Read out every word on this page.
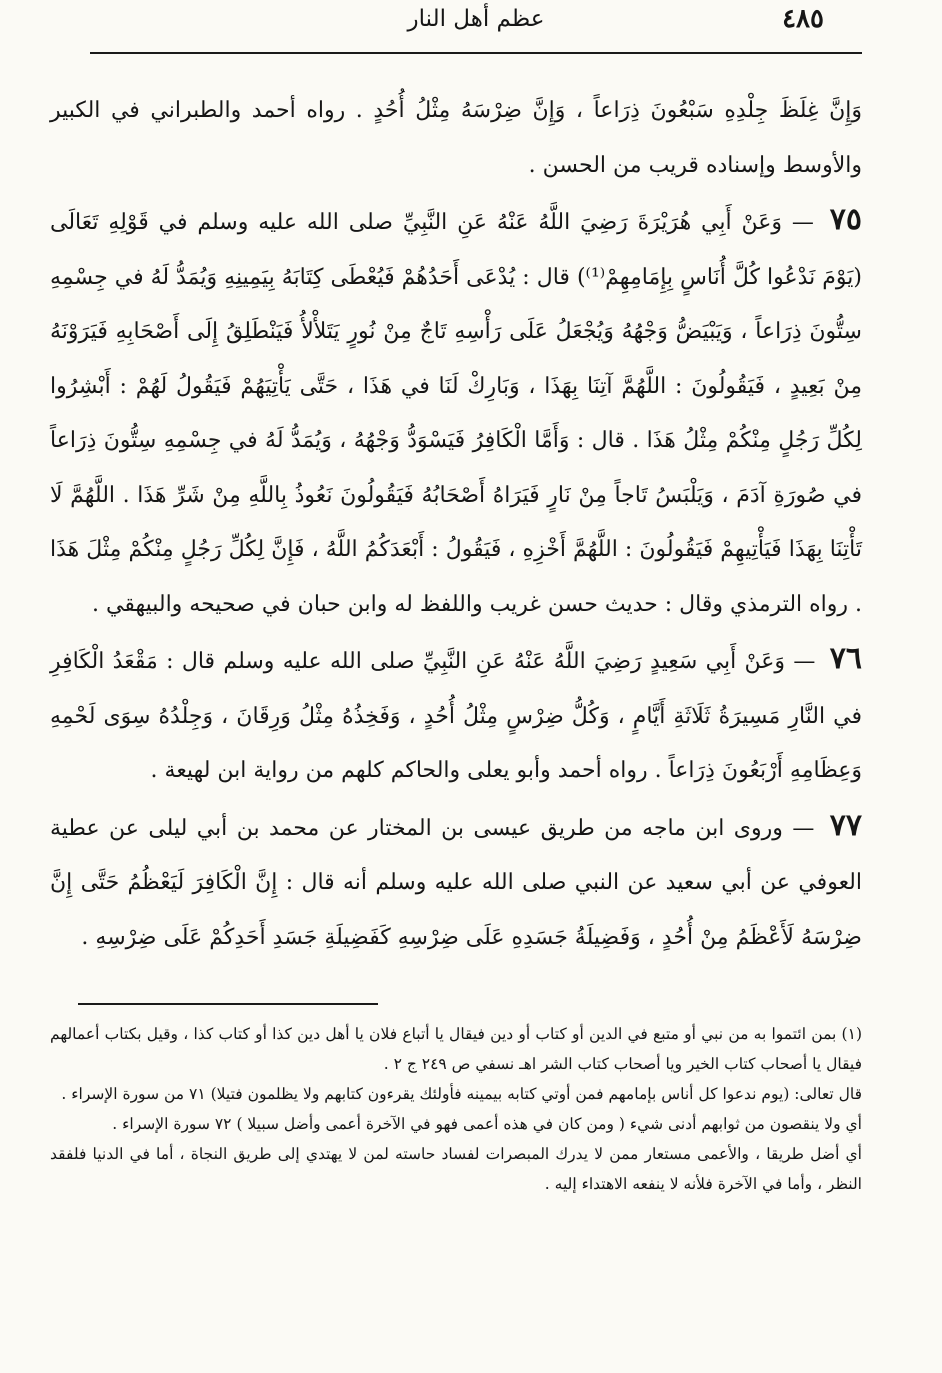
٤٨٥
عظم أهل النار

وَإِنَّ غِلَظَ جِلْدِهِ سَبْعُونَ ذِرَاعاً ، وَإِنَّ ضِرْسَهُ مِثْلُ أُحُدٍ . رواه أحمد والطبراني في الكبير والأوسط وإسناده قريب من الحسن .

٧٥ — وَعَنْ أَبِي هُرَيْرَةَ رَضِيَ اللَّهُ عَنْهُ عَنِ النَّبِيِّ صلى الله عليه وسلم في قَوْلِهِ تَعَالَى (يَوْمَ نَدْعُوا كُلَّ أُنَاسٍ بِإِمَامِهِمْ⁽¹⁾) قال : يُدْعَى أَحَدُهُمْ فَيُعْطَى كِتَابَهُ بِيَمِينِهِ وَيُمَدُّ لَهُ في جِسْمِهِ سِتُّونَ ذِرَاعاً ، وَيَبْيَضُّ وَجْهُهُ وَيُجْعَلُ عَلَى رَأْسِهِ تَاجٌ مِنْ نُورٍ يَتَلأْلأُ فَيَنْطَلِقُ إِلَى أَصْحَابِهِ فَيَرَوْنَهُ مِنْ بَعِيدٍ ، فَيَقُولُونَ : اللَّهُمَّ آتِنَا بِهَذَا ، وَبَارِكْ لَنَا في هَذَا ، حَتَّى يَأْتِيَهُمْ فَيَقُولُ لَهُمْ : أَبْشِرُوا لِكُلِّ رَجُلٍ مِنْكُمْ مِثْلُ هَذَا . قال : وَأَمَّا الْكَافِرُ فَيَسْوَدُّ وَجْهُهُ ، وَيُمَدُّ لَهُ في جِسْمِهِ سِتُّونَ ذِرَاعاً في صُورَةِ آدَمَ ، وَيَلْبَسُ تَاجاً مِنْ نَارٍ فَيَرَاهُ أَصْحَابُهُ فَيَقُولُونَ نَعُوذُ بِاللَّهِ مِنْ شَرِّ هَذَا . اللَّهُمَّ لَا تَأْتِنَا بِهَذَا فَيَأْتِيهِمْ فَيَقُولُونَ : اللَّهُمَّ أَخْزِهِ ، فَيَقُولُ : أَبْعَدَكُمُ اللَّهُ ، فَإِنَّ لِكُلِّ رَجُلٍ مِنْكُمْ مِثْلَ هَذَا . رواه الترمذي وقال : حديث حسن غريب واللفظ له وابن حبان في صحيحه والبيهقي .

٧٦ — وَعَنْ أَبِي سَعِيدٍ رَضِيَ اللَّهُ عَنْهُ عَنِ النَّبِيِّ صلى الله عليه وسلم قال : مَقْعَدُ الْكَافِرِ في النَّارِ مَسِيرَةُ ثَلَاثَةِ أَيَّامٍ ، وَكُلُّ ضِرْسٍ مِثْلُ أُحُدٍ ، وَفَخِذُهُ مِثْلُ وَرِقَانَ ، وَجِلْدُهُ سِوَى لَحْمِهِ وَعِظَامِهِ أَرْبَعُونَ ذِرَاعاً . رواه أحمد وأبو يعلى والحاكم كلهم من رواية ابن لهيعة .

٧٧ — وروى ابن ماجه من طريق عيسى بن المختار عن محمد بن أبي ليلى عن عطية العوفي عن أبي سعيد عن النبي صلى الله عليه وسلم أنه قال : إِنَّ الْكَافِرَ لَيَعْظُمُ حَتَّى إِنَّ ضِرْسَهُ لَأَعْظَمُ مِنْ أُحُدٍ ، وَفَضِيلَةُ جَسَدِهِ عَلَى ضِرْسِهِ كَفَضِيلَةِ جَسَدِ أَحَدِكُمْ عَلَى ضِرْسِهِ .

(١) بمن ائتموا به من نبي أو متبع في الدين أو كتاب أو دين فيقال يا أتباع فلان يا أهل دين كذا أو كتاب كذا ، وقيل بكتاب أعمالهم فيقال يا أصحاب كتاب الخير ويا أصحاب كتاب الشر اهـ نسفي ص ٢٤٩ ج ٢ .

قال تعالى: (يوم ندعوا كل أناس بإمامهم فمن أوتي كتابه بيمينه فأولئك يقرءون كتابهم ولا يظلمون فتيلا) ٧١ من سورة الإسراء .

أي ولا ينقصون من ثوابهم أدنى شيء ( ومن كان في هذه أعمى فهو في الآخرة أعمى وأضل سبيلا ) ٧٢ سورة الإسراء .

أي أضل طريقا ، والأعمى مستعار ممن لا يدرك المبصرات لفساد حاسته لمن لا يهتدي إلى طريق النجاة ، أما في الدنيا فلفقد النظر ، وأما في الآخرة فلأنه لا ينفعه الاهتداء إليه .
